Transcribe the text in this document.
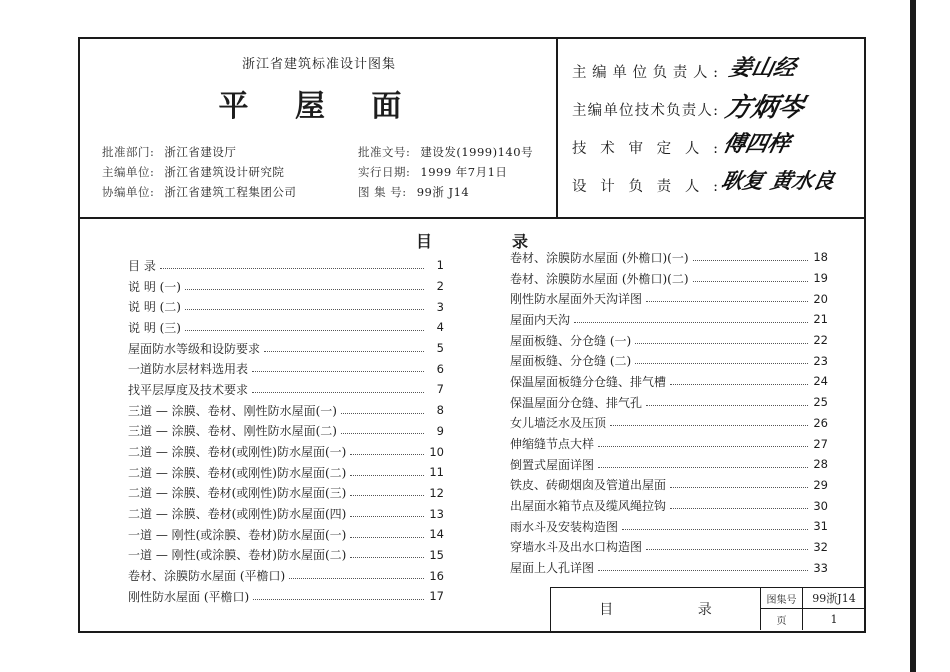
浙江省建筑标准设计图集
平 屋 面
批准部门: 浙江省建设厅
主编单位: 浙江省建筑设计研究院
协编单位: 浙江省建筑工程集团公司
批准文号: 建设发(1999)140号
实行日期: 1999 年7月1日
图 集 号: 99浙 J14
主编单位负责人: 姜山经
主编单位技术负责人: 方炳岑
技术审定人: 傅四梓
设计负责人: 耿复 黄水良
目	录
目 录	1
说 明 (一)	2
说 明 (二)	3
说 明 (三)	4
屋面防水等级和设防要求	5
一道防水层材料选用表	6
找平层厚度及技术要求	7
三道 — 涂膜、卷材、刚性防水屋面(一)	8
三道 — 涂膜、卷材、刚性防水屋面(二)	9
二道 — 涂膜、卷材(或刚性)防水屋面(一)	10
二道 — 涂膜、卷材(或刚性)防水屋面(二)	11
二道 — 涂膜、卷材(或刚性)防水屋面(三)	12
二道 — 涂膜、卷材(或刚性)防水屋面(四)	13
一道 — 刚性(或涂膜、卷材)防水屋面(一)	14
一道 — 刚性(或涂膜、卷材)防水屋面(二)	15
卷材、涂膜防水屋面 (平檐口)	16
刚性防水屋面 (平檐口)	17
卷材、涂膜防水屋面 (外檐口)(一)	18
卷材、涂膜防水屋面 (外檐口)(二)	19
刚性防水屋面外天沟详图	20
屋面内天沟	21
屋面板缝、分仓缝 (一)	22
屋面板缝、分仓缝 (二)	23
保温屋面板缝分仓缝、排气槽	24
保温屋面分仓缝、排气孔	25
女儿墙泛水及压顶	26
伸缩缝节点大样	27
倒置式屋面详图	28
铁皮、砖砌烟囱及管道出屋面	29
出屋面水箱节点及缆风绳拉钩	30
雨水斗及安装构造图	31
穿墙水斗及出水口构造图	32
屋面上人孔详图	33
目 录
图集号	99浙J14
页	1
